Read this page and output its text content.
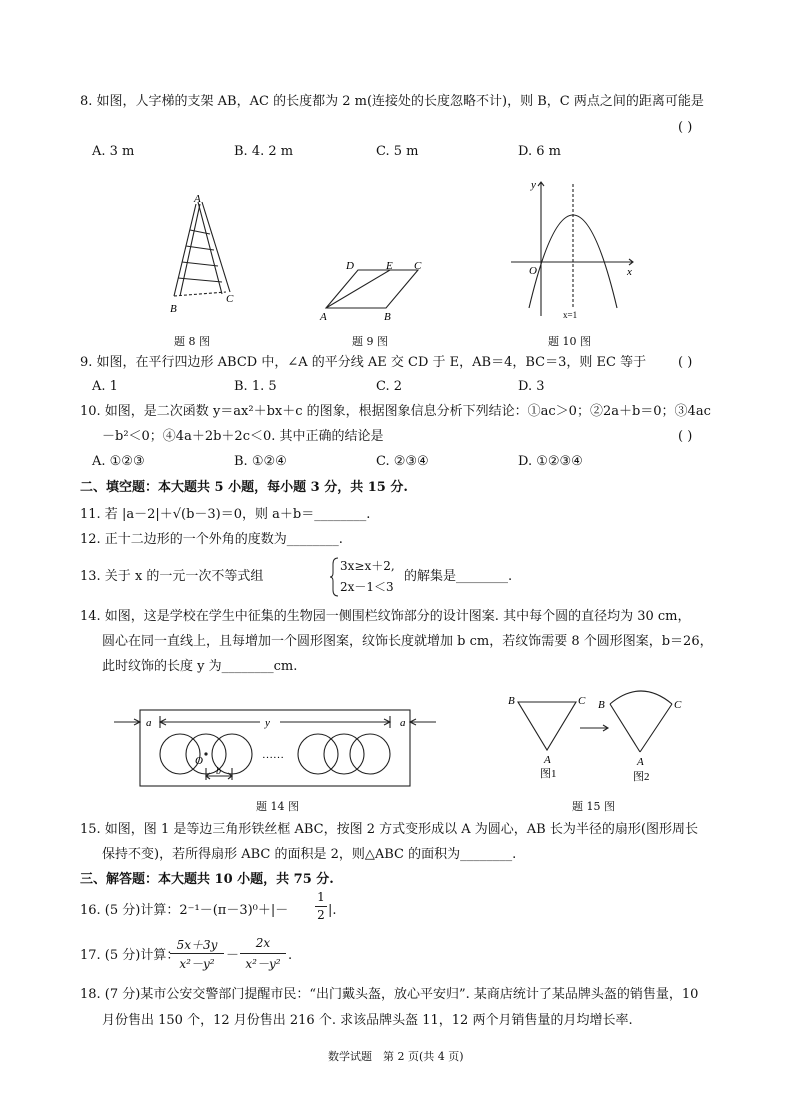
8. 如图，人字梯的支架 AB，AC 的长度都为 2 m(连接处的长度忽略不计)，则 B，C 两点之间的距离可能是
( )
A. 3 m	B. 4. 2 m	C. 5 m	D. 6 m
A
B
C
题 8 图
D	E C
A	B
题 9 图
y
x
O
x=1
题 10 图
9. 如图，在平行四边形 ABCD 中，∠A 的平分线 AE 交 CD 于 E，AB＝4，BC＝3，则 EC 等于 ( )
A. 1	B. 1. 5	C. 2	D. 3
10. 如图，是二次函数 y＝ax²＋bx＋c 的图象，根据图象信息分析下列结论：①ac＞0；②2a＋b＝0；③4ac
－b²＜0；④4a＋2b＋2c＜0. 其中正确的结论是	( )
A. ①②③	B. ①②④	C. ②③④	D. ①②③④
二、填空题：本大题共 5 小题，每小题 3 分，共 15 分.
11. 若 |a－2|＋√(b－3)＝0，则 a＋b＝________.
12. 正十二边形的一个外角的度数为________.
13. 关于 x 的一元一次不等式组
3x≥x＋2,
2x－1＜3
的解集是________.
14. 如图，这是学校在学生中征集的生物园一侧围栏纹饰部分的设计图案. 其中每个圆的直径均为 30 cm，
圆心在同一直线上，且每增加一个圆形图案，纹饰长度就增加 b cm，若纹饰需要 8 个圆形图案，b＝26，
此时纹饰的长度 y 为________cm.
a	a
y
O
b
……
题 14 图
B	C
A
图1
B	C
A
图2
题 15 图
15. 如图，图 1 是等边三角形铁丝框 ABC，按图 2 方式变形成以 A 为圆心，AB 长为半径的扇形(图形周长
保持不变)，若所得扇形 ABC 的面积是 2，则△ABC 的面积为________.
三、解答题：本大题共 10 小题，共 75 分.
16. (5 分)计算：2⁻¹－(π－3)⁰＋|－
1
2 |.
17. (5 分)计算：
5x＋3y
x²－y²
－
2x
x²－y²
.
18. (7 分)某市公安交警部门提醒市民：“出门戴头盔，放心平安归”. 某商店统计了某品牌头盔的销售量，10
月份售出 150 个，12 月份售出 216 个. 求该品牌头盔 11，12 两个月销售量的月均增长率.
数学试题　第 2 页(共 4 页)
